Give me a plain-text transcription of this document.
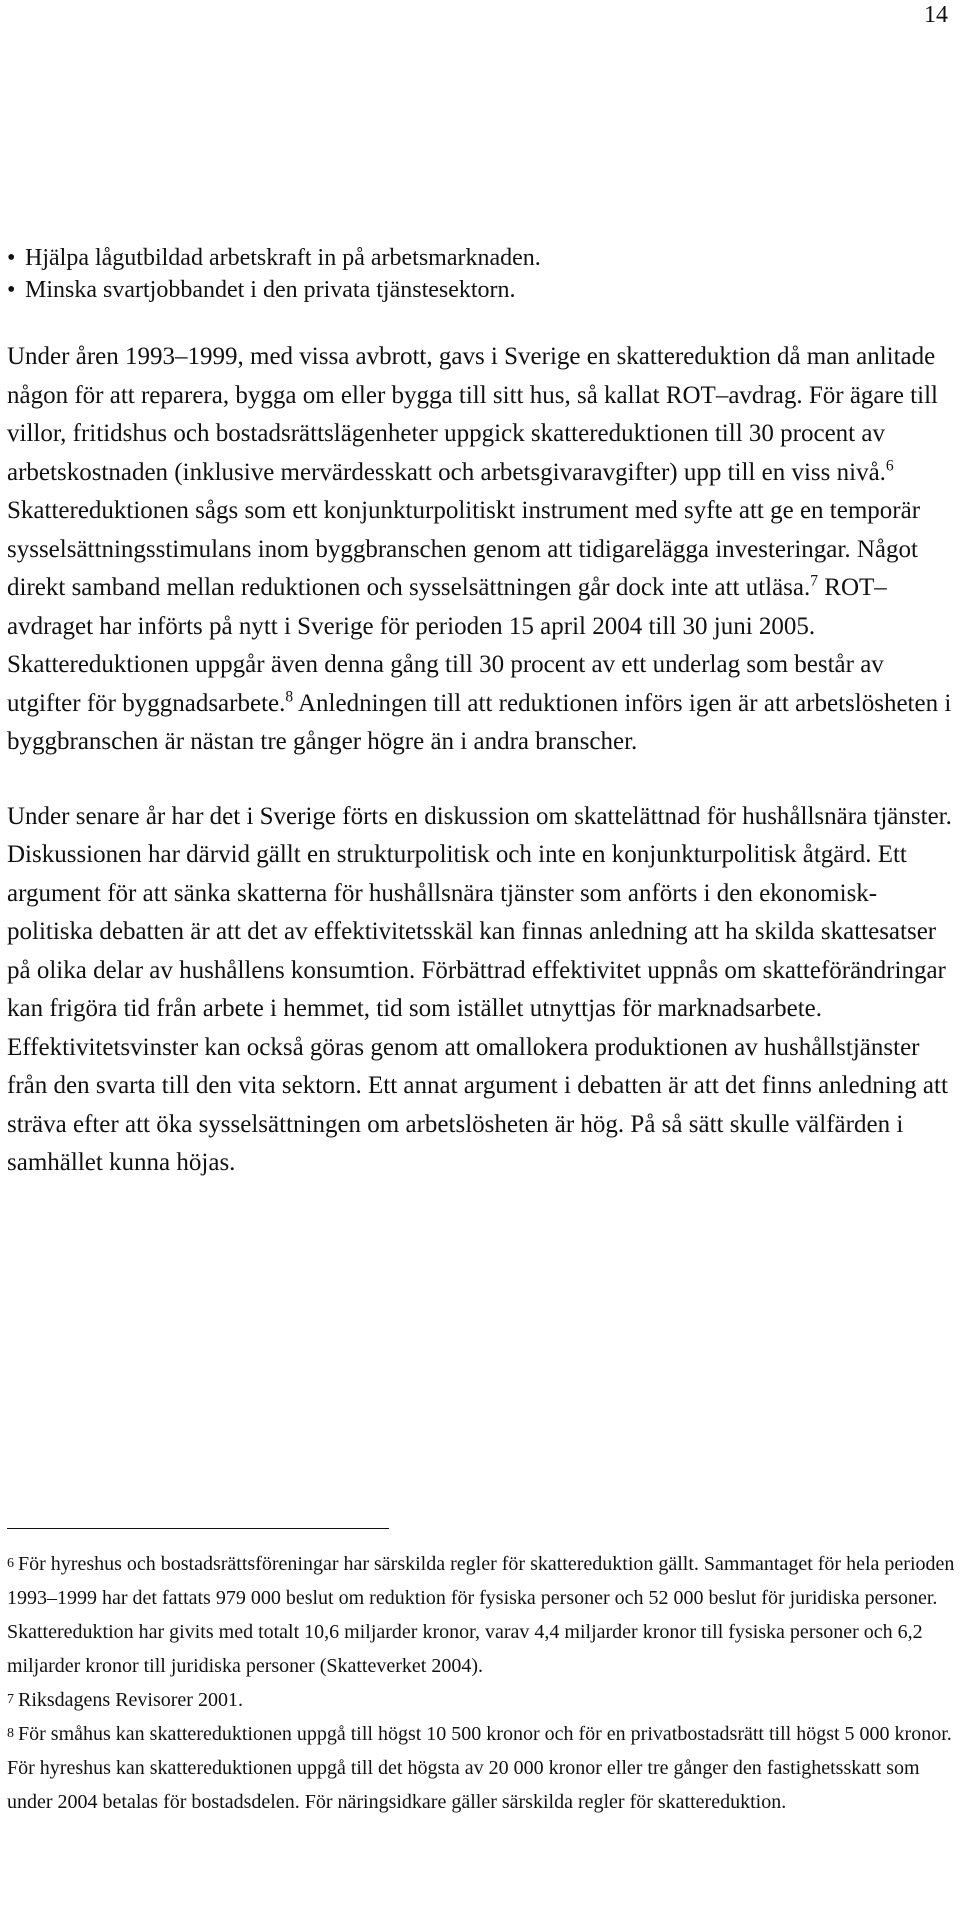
14
• Hjälpa lågutbildad arbetskraft in på arbetsmarknaden.
• Minska svartjobbandet i den privata tjänstesektorn.

Under åren 1993–1999, med vissa avbrott, gavs i Sverige en skattereduktion då man anlitade någon för att reparera, bygga om eller bygga till sitt hus, så kallat ROT–avdrag. För ägare till villor, fritidshus och bostadsrättslägenheter uppgick skattereduktionen till 30 procent av arbetskostnaden (inklusive mervärdesskatt och arbetsgivaravgifter) upp till en viss nivå.$^6$ Skattereduktionen sågs som ett konjunkturpolitiskt instrument med syfte att ge en temporär sysselsättningsstimulans inom byggbranschen genom att tidigarelägga investeringar. Något direkt samband mellan reduktionen och sysselsättningen går dock inte att utläsa.$^7$ ROT–avdraget har införts på nytt i Sverige för perioden 15 april 2004 till 30 juni 2005. Skattereduktionen uppgår även denna gång till 30 procent av ett underlag som består av utgifter för byggnadsarbete.$^8$ Anledningen till att reduktionen införs igen är att arbetslösheten i byggbranschen är nästan tre gånger högre än i andra branscher.

Under senare år har det i Sverige förts en diskussion om skattelättnad för hushållsnära tjänster. Diskussionen har därvid gällt en strukturpolitisk och inte en konjunkturpolitisk åtgärd. Ett argument för att sänka skatterna för hushållsnära tjänster som anförts i den ekonomisk-politiska debatten är att det av effektivitetsskäl kan finnas anledning att ha skilda skattesatser på olika delar av hushållens konsumtion. Förbättrad effektivitet uppnås om skatteförändringar kan frigöra tid från arbete i hemmet, tid som istället utnyttjas för marknadsarbete. Effektivitetsvinster kan också göras genom att omallokera produktionen av hushållstjänster från den svarta till den vita sektorn. Ett annat argument i debatten är att det finns anledning att sträva efter att öka sysselsättningen om arbetslösheten är hög. På så sätt skulle välfärden i samhället kunna höjas.

6 För hyreshus och bostadsrättsföreningar har särskilda regler för skattereduktion gällt. Sammantaget för hela perioden 1993–1999 har det fattats 979 000 beslut om reduktion för fysiska personer och 52 000 beslut för juridiska personer. Skattereduktion har givits med totalt 10,6 miljarder kronor, varav 4,4 miljarder kronor till fysiska personer och 6,2 miljarder kronor till juridiska personer (Skatteverket 2004).

7 Riksdagens Revisorer 2001.

8 För småhus kan skattereduktionen uppgå till högst 10 500 kronor och för en privatbostadsrätt till högst 5 000 kronor. För hyreshus kan skattereduktionen uppgå till det högsta av 20 000 kronor eller tre gånger den fastighetsskatt som under 2004 betalas för bostadsdelen. För näringsidkare gäller särskilda regler för skattereduktion.
